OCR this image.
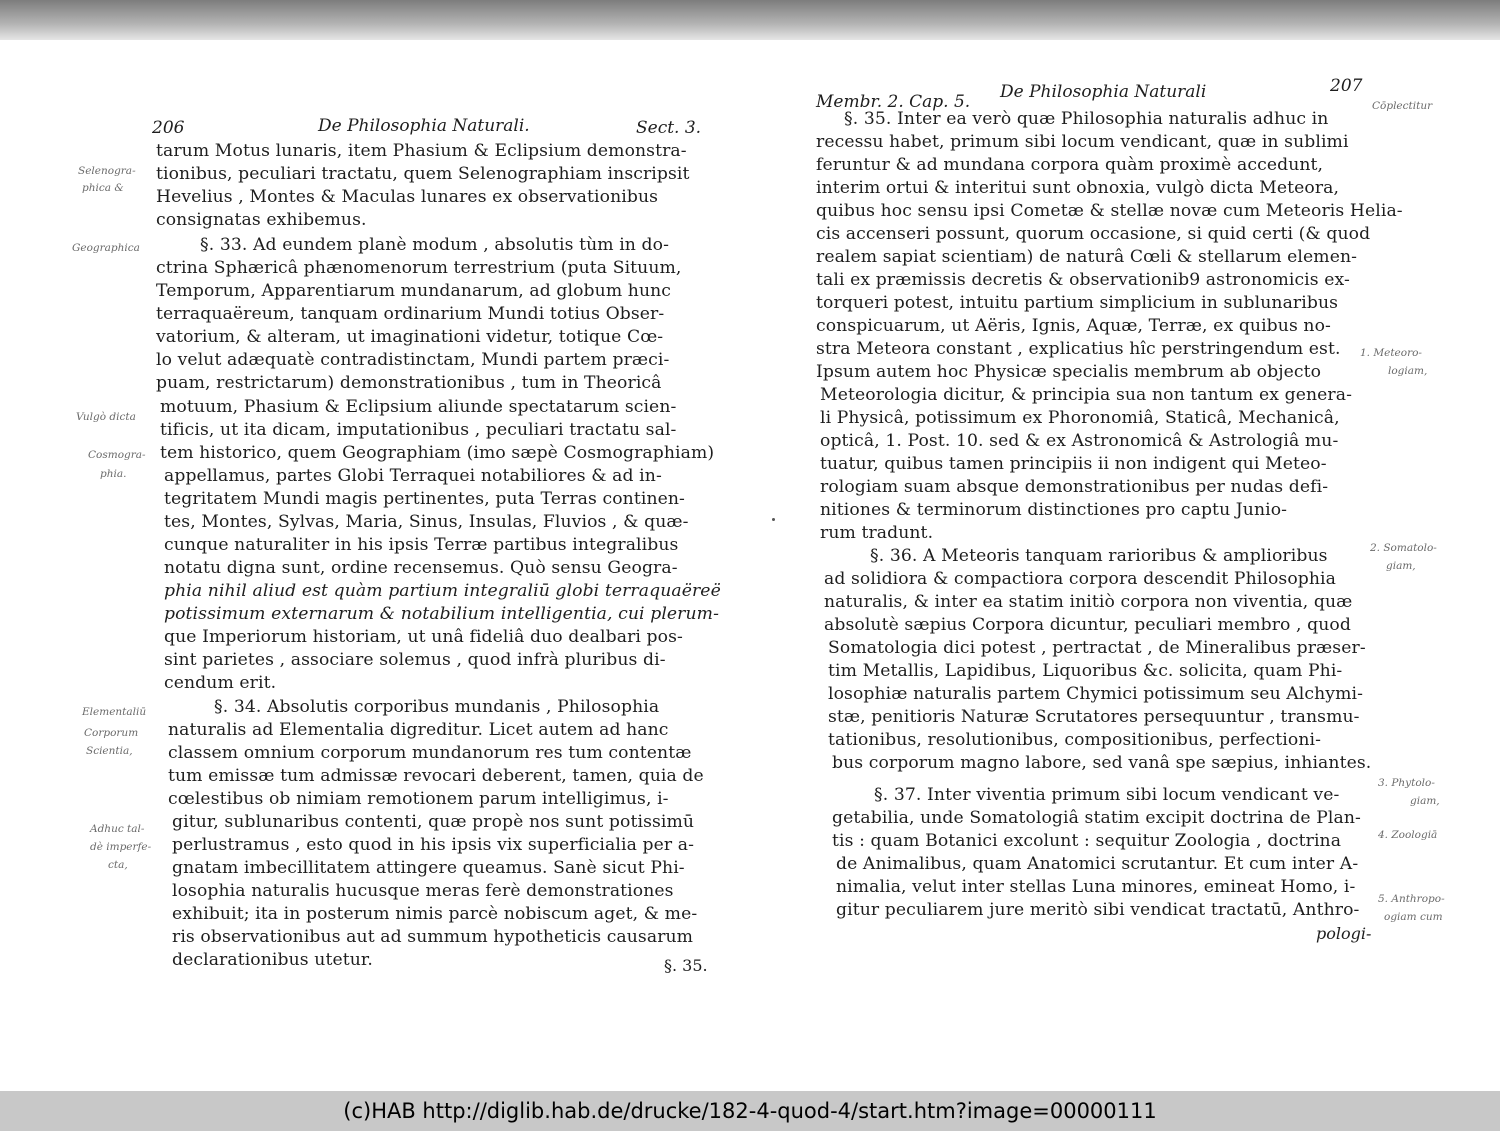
206	De Philosophia Naturali.	Sect. 3.
tarum Motus lunaris, item Phasium & Eclipsium demonstra-
tionibus, peculiari tractatu, quem Selenographiam inscripsit
Hevelius , Montes & Maculas lunares ex observationibus
consignatas exhibemus.
§. 33. Ad eundem planè modum , absolutis tùm in do-
ctrina Sphæricâ phænomenorum terrestrium (puta Situum,
Temporum, Apparentiarum mundanarum, ad globum hunc
terraquaëreum, tanquam ordinarium Mundi totius Obser-
vatorium, & alteram, ut imaginationi videtur, totique Cœ-
lo velut adæquatè contradistinctam, Mundi partem præci-
puam, restrictarum) demonstrationibus , tum in Theoricâ
motuum, Phasium & Eclipsium aliunde spectatarum scien-
tificis, ut ita dicam, imputationibus , peculiari tractatu sal-
tem historico, quem Geographiam (imo sæpè Cosmographiam)
appellamus, partes Globi Terraquei notabiliores & ad in-
tegritatem Mundi magis pertinentes, puta Terras continen-
tes, Montes, Sylvas, Maria, Sinus, Insulas, Fluvios , & quæ-
cunque naturaliter in his ipsis Terræ partibus integralibus
notatu digna sunt, ordine recensemus. Quò sensu Geogra-
phia nihil aliud est quàm partium integraliū globi terraquaëreë
potissimum externarum & notabilium intelligentia, cui plerum-
que Imperiorum historiam, ut unâ fideliâ duo dealbari pos-
sint parietes , associare solemus , quod infrà pluribus di-
cendum erit.
§. 34. Absolutis corporibus mundanis , Philosophia
naturalis ad Elementalia digreditur. Licet autem ad hanc
classem omnium corporum mundanorum res tum contentæ
tum emissæ tum admissæ revocari deberent, tamen, quia de
cœlestibus ob nimiam remotionem parum intelligimus, i-
gitur, sublunaribus contenti, quæ propè nos sunt potissimū
perlustramus , esto quod in his ipsis vix superficialia per a-
gnatam imbecillitatem attingere queamus. Sanè sicut Phi-
losophia naturalis hucusque meras ferè demonstrationes
exhibuit; ita in posterum nimis parcè nobiscum aget, & me-
ris observationibus aut ad summum hypotheticis causarum
declarationibus utetur.	§. 35.
Selenogra-
phica &
Geographica
Vulgò dicta
Cosmogra-
phia.
Elementaliū
Corporum
Scientia,
Adhuc tal-
dè imperfe-
cta,
Membr. 2. Cap. 5. De Philosophia Naturali	207
§. 35. Inter ea verò quæ Philosophia naturalis adhuc in
recessu habet, primum sibi locum vendicant, quæ in sublimi
feruntur & ad mundana corpora quàm proximè accedunt,
interim ortui & interitui sunt obnoxia, vulgò dicta Meteora,
quibus hoc sensu ipsi Cometæ & stellæ novæ cum Meteoris Helia-
cis accenseri possunt, quorum occasione, si quid certi (& quod
realem sapiat scientiam) de naturâ Cœli & stellarum elemen-
tali ex præmissis decretis & observationib9 astronomicis ex-
torqueri potest, intuitu partium simplicium in sublunaribus
conspicuarum, ut Aëris, Ignis, Aquæ, Terræ, ex quibus no-
stra Meteora constant , explicatius hîc perstringendum est.
Ipsum autem hoc Physicæ specialis membrum ab objecto
Meteorologia dicitur, & principia sua non tantum ex genera-
li Physicâ, potissimum ex Phoronomiâ, Staticâ, Mechanicâ,
opticâ, 1. Post. 10. sed & ex Astronomicâ & Astrologiâ mu-
tuatur, quibus tamen principiis ii non indigent qui Meteo-
rologiam suam absque demonstrationibus per nudas defi-
nitiones & terminorum distinctiones pro captu Junio-
rum tradunt.
§. 36. A Meteoris tanquam rarioribus & amplioribus
ad solidiora & compactiora corpora descendit Philosophia
naturalis, & inter ea statim initiò corpora non viventia, quæ
absolutè sæpius Corpora dicuntur, peculiari membro , quod
Somatologia dici potest , pertractat , de Mineralibus præser-
tim Metallis, Lapidibus, Liquoribus &c. solicita, quam Phi-
losophiæ naturalis partem Chymici potissimum seu Alchymi-
stæ, penitioris Naturæ Scrutatores persequuntur , transmu-
tationibus, resolutionibus, compositionibus, perfectioni-
bus corporum magno labore, sed vanâ spe sæpius, inhiantes.
§. 37. Inter viventia primum sibi locum vendicant ve-
getabilia, unde Somatologiâ statim excipit doctrina de Plan-
tis : quam Botanici excolunt : sequitur Zoologia , doctrina
de Animalibus, quam Anatomici scrutantur. Et cum inter A-
nimalia, velut inter stellas Luna minores, emineat Homo, i-
gitur peculiarem jure meritò sibi vendicat tractatū, Anthro-
pologi-
Cōplectitur
1. Meteoro-
logiam,
2. Somatolo-
giam,
3. Phytolo-
giam,
4. Zoologiā
5. Anthropo-
ogiam cum
(c)HAB http://diglib.hab.de/drucke/182-4-quod-4/start.htm?image=00000111
